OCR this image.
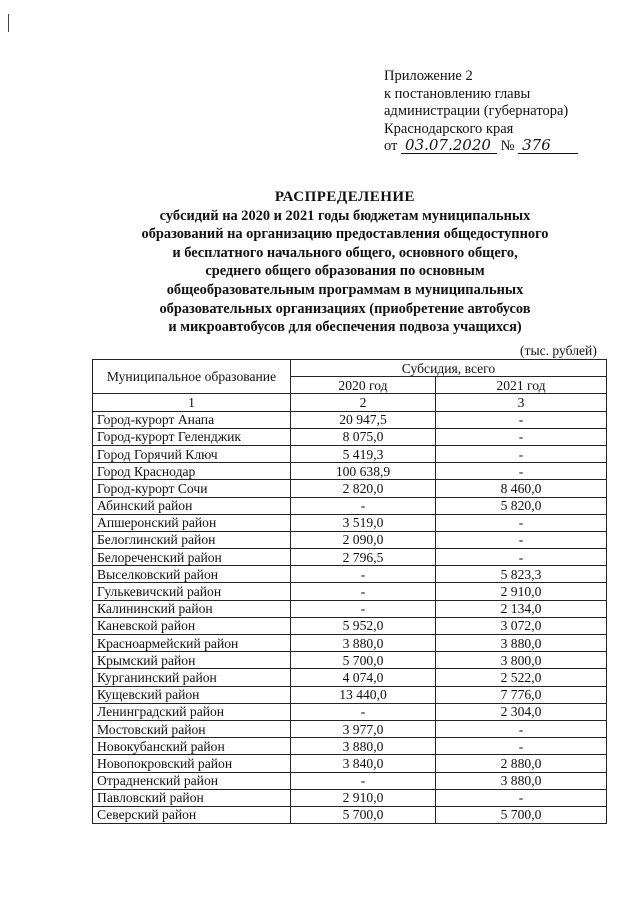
Приложение 2
к постановлению главы
администрации (губернатора)
Краснодарского края
от 03.07.2020 № 376
РАСПРЕДЕЛЕНИЕ
субсидий на 2020 и 2021 годы бюджетам муниципальных
образований на организацию предоставления общедоступного
и бесплатного начального общего, основного общего,
среднего общего образования по основным
общеобразовательным программам в муниципальных
образовательных организациях (приобретение автобусов
и микроавтобусов для обеспечения подвоза учащихся)
(тыс. рублей)
Муниципальное образование	Субсидия, всего	
	2020 год	2021 год
1	2	3
Город-курорт Анапа	20 947,5	-
Город-курорт Геленджик	8 075,0	-
Город Горячий Ключ	5 419,3	-
Город Краснодар	100 638,9	-
Город-курорт Сочи	2 820,0	8 460,0
Абинский район	-	5 820,0
Апшеронский район	3 519,0	-
Белоглинский район	2 090,0	-
Белореченский район	2 796,5	-
Выселковский район	-	5 823,3
Гулькевичский район	-	2 910,0
Калининский район	-	2 134,0
Каневской район	5 952,0	3 072,0
Красноармейский район	3 880,0	3 880,0
Крымский район	5 700,0	3 800,0
Курганинский район	4 074,0	2 522,0
Кущевский район	13 440,0	7 776,0
Ленинградский район	-	2 304,0
Мостовский район	3 977,0	-
Новокубанский район	3 880,0	-
Новопокровский район	3 840,0	2 880,0
Отрадненский район	-	3 880,0
Павловский район	2 910,0	-
Северский район	5 700,0	5 700,0
